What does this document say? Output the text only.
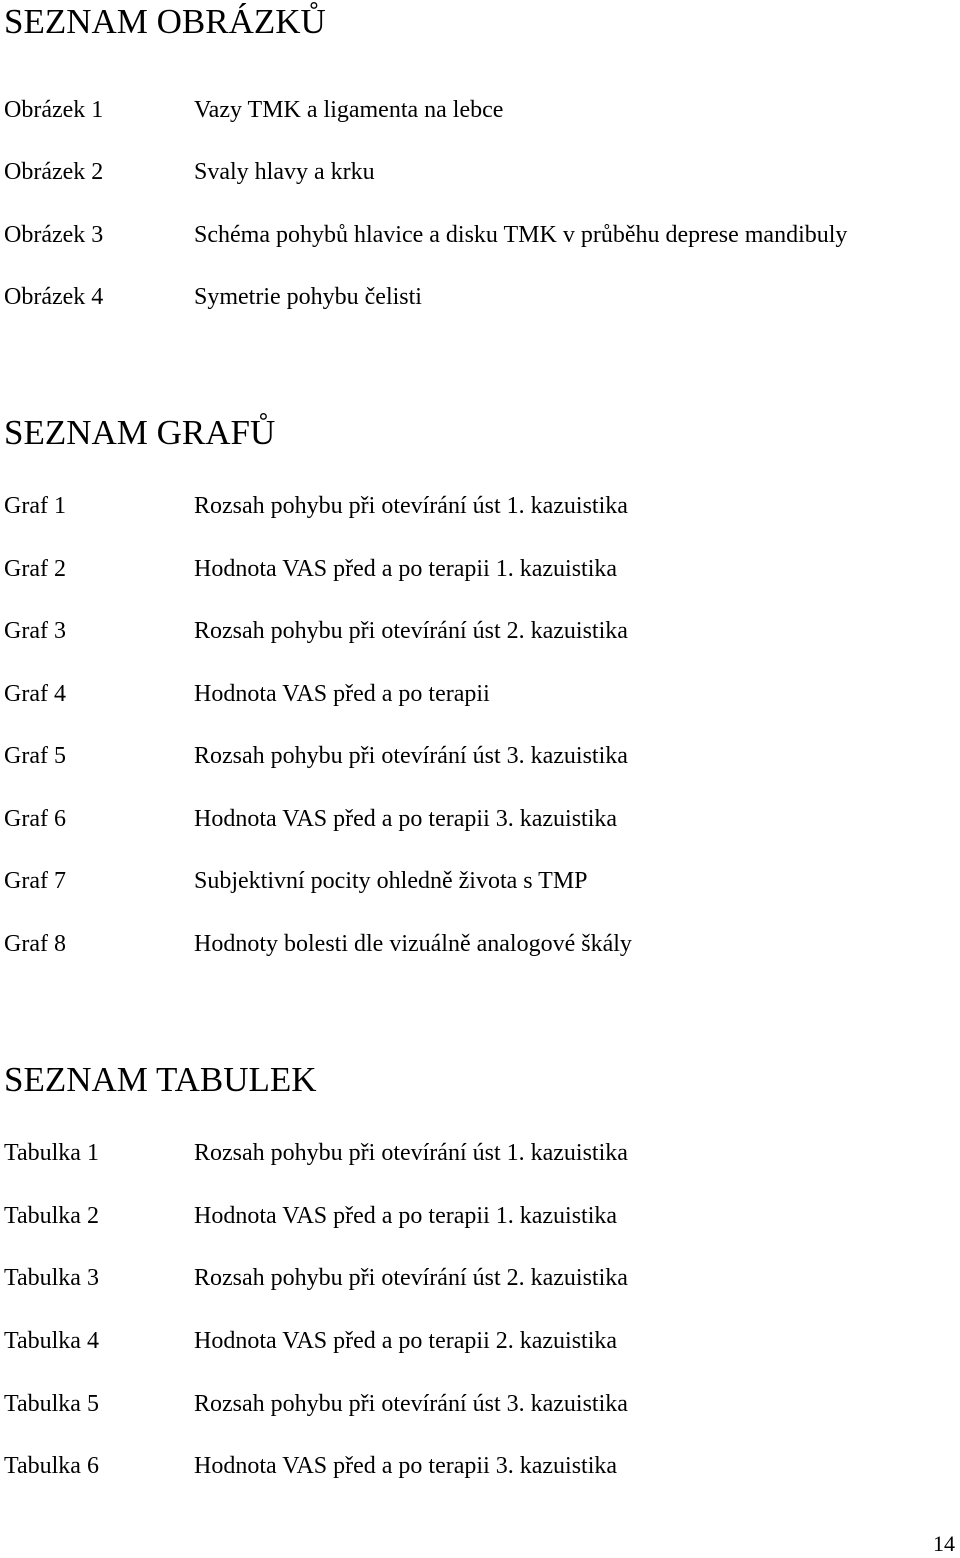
SEZNAM OBRÁZKŮ
Obrázek 1	Vazy TMK a ligamenta na lebce
Obrázek 2	Svaly hlavy a krku
Obrázek 3	Schéma pohybů hlavice a disku TMK v průběhu deprese mandibuly
Obrázek 4	Symetrie pohybu čelisti
SEZNAM GRAFŮ
Graf 1	Rozsah pohybu při otevírání úst 1. kazuistika
Graf 2	Hodnota VAS před a po terapii 1. kazuistika
Graf 3	Rozsah pohybu při otevírání úst 2. kazuistika
Graf 4	Hodnota VAS před a po terapii
Graf 5	Rozsah pohybu při otevírání úst 3. kazuistika
Graf 6	Hodnota VAS před a po terapii 3. kazuistika
Graf 7	Subjektivní pocity ohledně života s TMP
Graf 8	Hodnoty bolesti dle vizuálně analogové škály
SEZNAM TABULEK
Tabulka 1	Rozsah pohybu při otevírání úst 1. kazuistika
Tabulka 2	Hodnota VAS před a po terapii 1. kazuistika
Tabulka 3	Rozsah pohybu při otevírání úst 2. kazuistika
Tabulka 4	Hodnota VAS před a po terapii 2. kazuistika
Tabulka 5	Rozsah pohybu při otevírání úst 3. kazuistika
Tabulka 6	Hodnota VAS před a po terapii 3. kazuistika
14
